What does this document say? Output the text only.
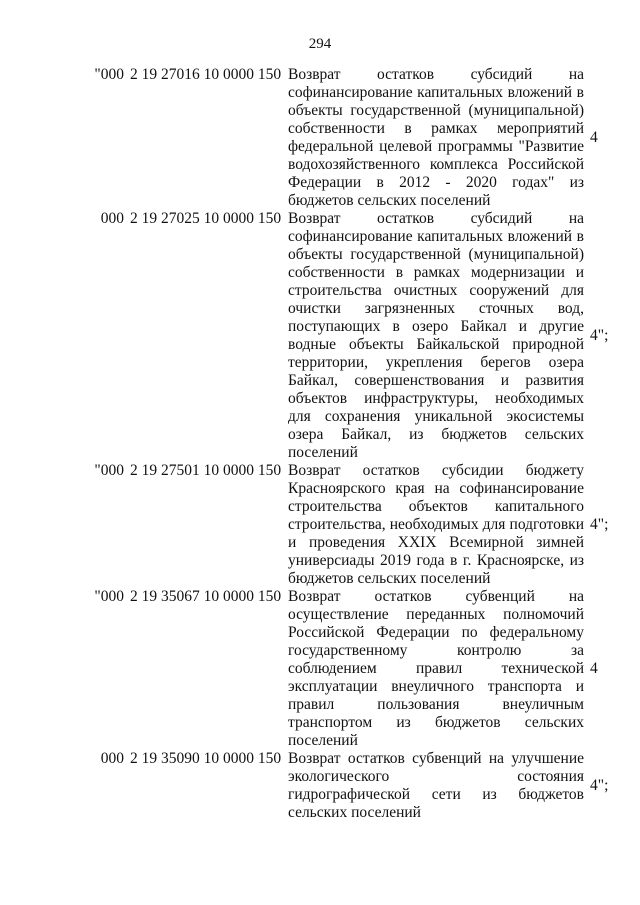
294
"000 2 19 27016 10 0000 150 Возврат остатков субсидий на софинансирование капитальных вложений в объекты государственной (муниципальной) собственности в рамках мероприятий федеральной целевой программы "Развитие водохозяйственного комплекса Российской Федерации в 2012 - 2020 годах" из бюджетов сельских поселений
4
000 2 19 27025 10 0000 150 Возврат остатков субсидий на софинансирование капитальных вложений в объекты государственной (муниципальной) собственности в рамках модернизации и строительства очистных сооружений для очистки загрязненных сточных вод, поступающих в озеро Байкал и другие водные объекты Байкальской природной территории, укрепления берегов озера Байкал, совершенствования и развития объектов инфраструктуры, необходимых для сохранения уникальной экосистемы озера Байкал, из бюджетов сельских поселений
4";
"000 2 19 27501 10 0000 150 Возврат остатков субсидии бюджету Красноярского края на софинансирование строительства объектов капитального строительства, необходимых для подготовки и проведения XXIX Всемирной зимней универсиады 2019 года в г. Красноярске, из бюджетов сельских поселений
4";
"000 2 19 35067 10 0000 150 Возврат остатков субвенций на осуществление переданных полномочий Российской Федерации по федеральному государственному контролю за соблюдением правил технической эксплуатации внеуличного транспорта и правил пользования внеуличным транспортом из бюджетов сельских поселений
4
000 2 19 35090 10 0000 150 Возврат остатков субвенций на улучшение экологического состояния гидрографической сети из бюджетов сельских поселений
4";
